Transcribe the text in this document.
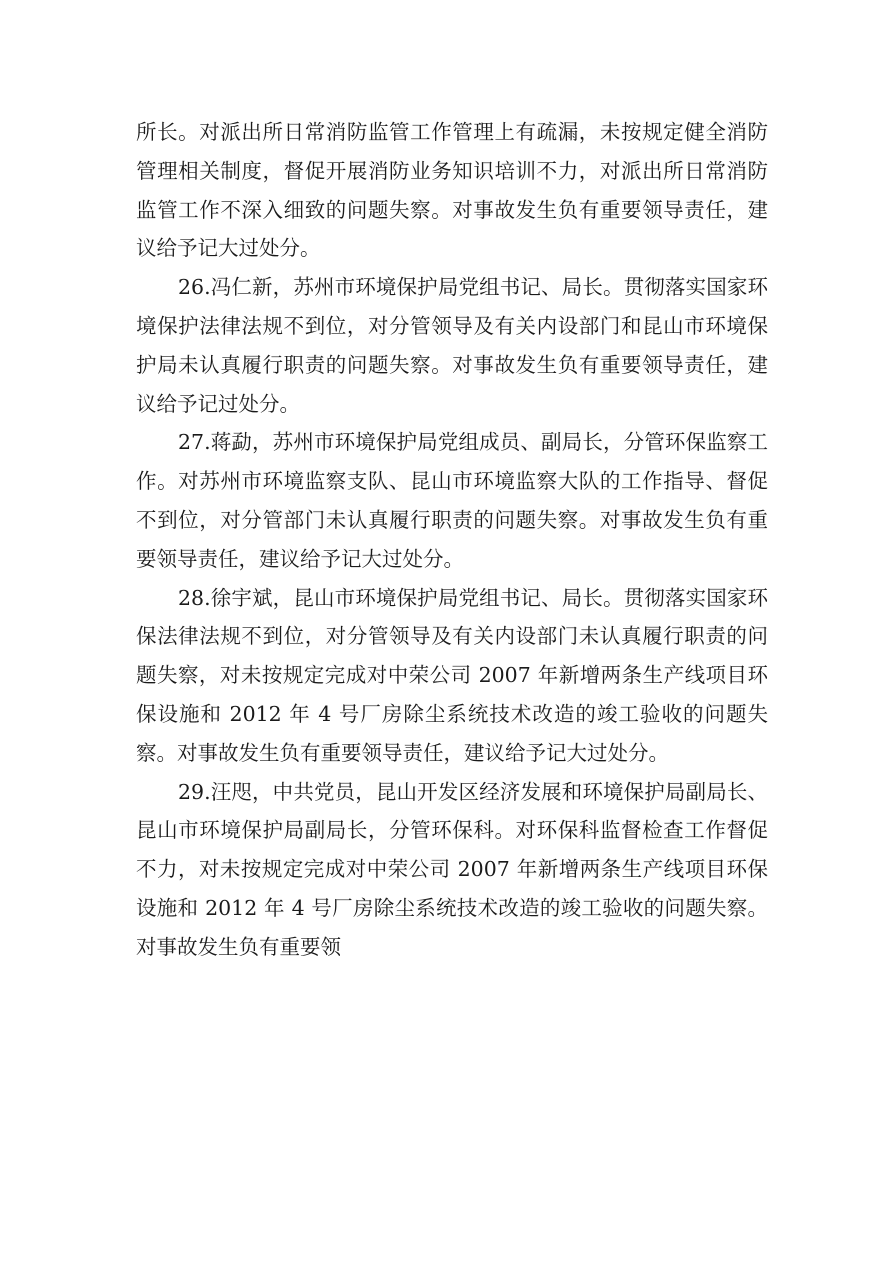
所长。对派出所日常消防监管工作管理上有疏漏，未按规定健全消防管理相关制度，督促开展消防业务知识培训不力，对派出所日常消防监管工作不深入细致的问题失察。对事故发生负有重要领导责任，建议给予记大过处分。

26.冯仁新，苏州市环境保护局党组书记、局长。贯彻落实国家环境保护法律法规不到位，对分管领导及有关内设部门和昆山市环境保护局未认真履行职责的问题失察。对事故发生负有重要领导责任，建议给予记过处分。

27.蒋勐，苏州市环境保护局党组成员、副局长，分管环保监察工作。对苏州市环境监察支队、昆山市环境监察大队的工作指导、督促不到位，对分管部门未认真履行职责的问题失察。对事故发生负有重要领导责任，建议给予记大过处分。

28.徐宇斌，昆山市环境保护局党组书记、局长。贯彻落实国家环保法律法规不到位，对分管领导及有关内设部门未认真履行职责的问题失察，对未按规定完成对中荣公司 2007 年新增两条生产线项目环保设施和 2012 年 4 号厂房除尘系统技术改造的竣工验收的问题失察。对事故发生负有重要领导责任，建议给予记大过处分。

29.汪咫，中共党员，昆山开发区经济发展和环境保护局副局长、昆山市环境保护局副局长，分管环保科。对环保科监督检查工作督促不力，对未按规定完成对中荣公司 2007 年新增两条生产线项目环保设施和 2012 年 4 号厂房除尘系统技术改造的竣工验收的问题失察。对事故发生负有重要领
